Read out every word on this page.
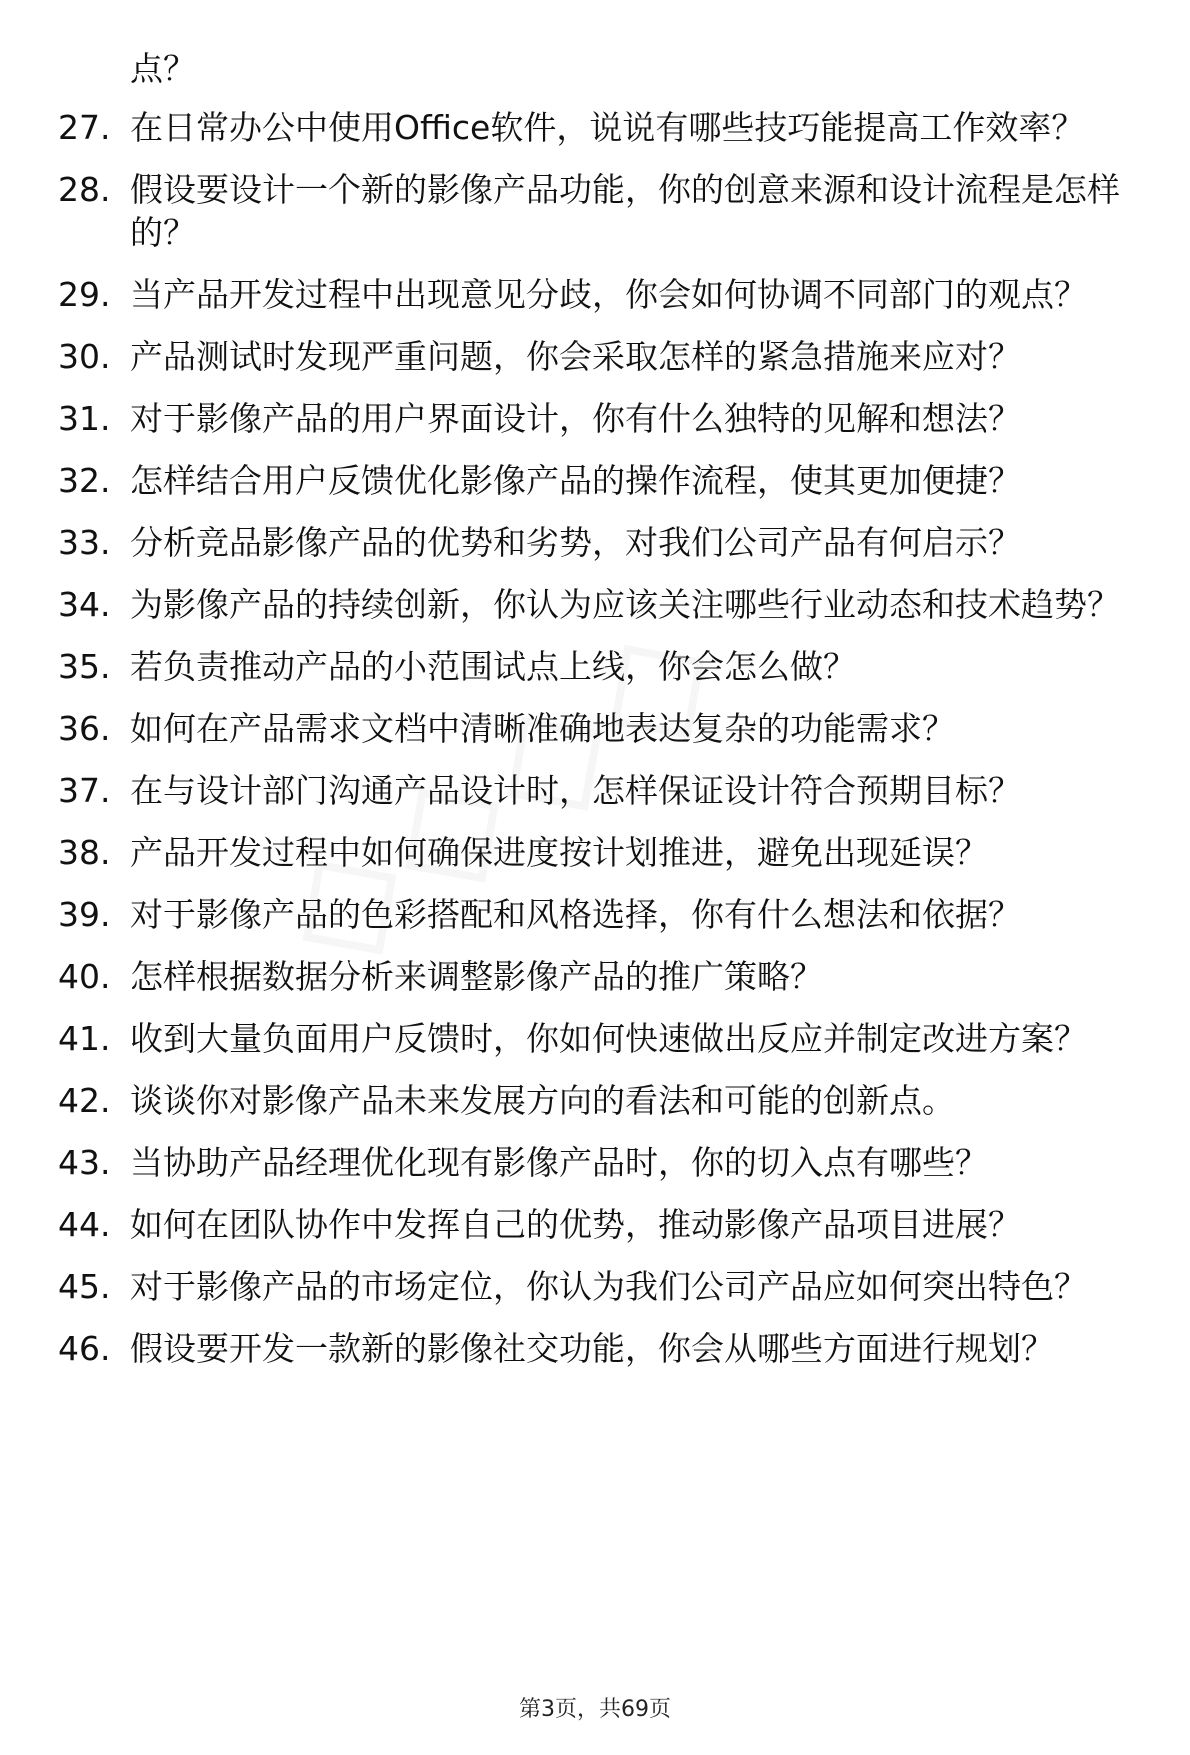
点？
27. 在日常办公中使用Office软件，说说有哪些技巧能提高工作效率？
28. 假设要设计一个新的影像产品功能，你的创意来源和设计流程是怎样的？
29. 当产品开发过程中出现意见分歧，你会如何协调不同部门的观点？
30. 产品测试时发现严重问题，你会采取怎样的紧急措施来应对？
31. 对于影像产品的用户界面设计，你有什么独特的见解和想法？
32. 怎样结合用户反馈优化影像产品的操作流程，使其更加便捷？
33. 分析竞品影像产品的优势和劣势，对我们公司产品有何启示？
34. 为影像产品的持续创新，你认为应该关注哪些行业动态和技术趋势？
35. 若负责推动产品的小范围试点上线，你会怎么做？
36. 如何在产品需求文档中清晰准确地表达复杂的功能需求？
37. 在与设计部门沟通产品设计时，怎样保证设计符合预期目标？
38. 产品开发过程中如何确保进度按计划推进，避免出现延误？
39. 对于影像产品的色彩搭配和风格选择，你有什么想法和依据？
40. 怎样根据数据分析来调整影像产品的推广策略？
41. 收到大量负面用户反馈时，你如何快速做出反应并制定改进方案？
42. 谈谈你对影像产品未来发展方向的看法和可能的创新点。
43. 当协助产品经理优化现有影像产品时，你的切入点有哪些？
44. 如何在团队协作中发挥自己的优势，推动影像产品项目进展？
45. 对于影像产品的市场定位，你认为我们公司产品应如何突出特色？
46. 假设要开发一款新的影像社交功能，你会从哪些方面进行规划？
第3页，共69页
